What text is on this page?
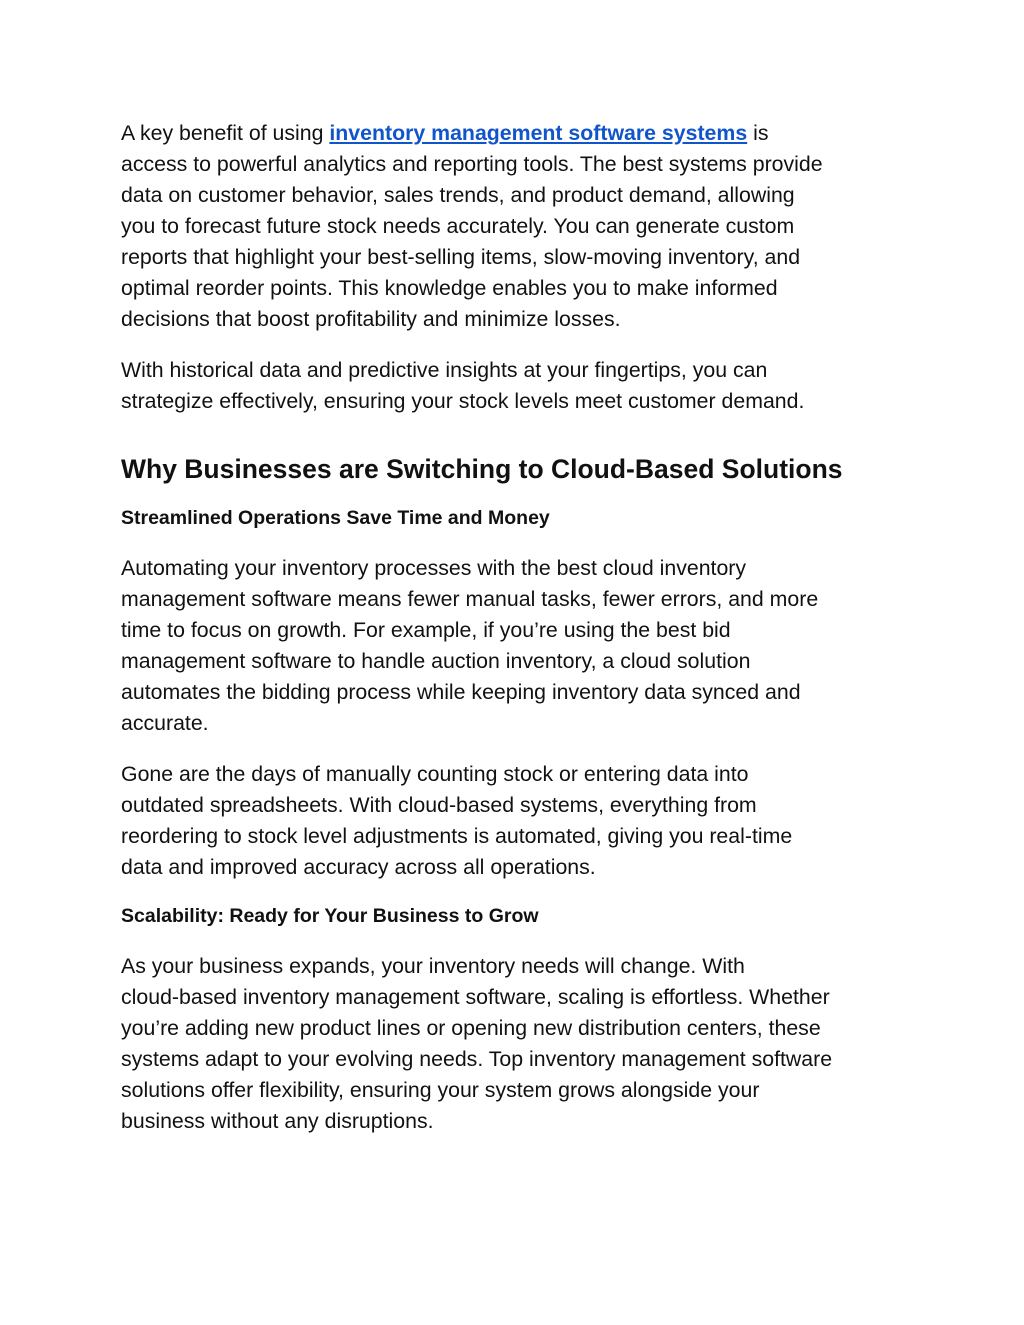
A key benefit of using inventory management software systems is
access to powerful analytics and reporting tools. The best systems provide
data on customer behavior, sales trends, and product demand, allowing
you to forecast future stock needs accurately. You can generate custom
reports that highlight your best-selling items, slow-moving inventory, and
optimal reorder points. This knowledge enables you to make informed
decisions that boost profitability and minimize losses.

With historical data and predictive insights at your fingertips, you can
strategize effectively, ensuring your stock levels meet customer demand.

Why Businesses are Switching to Cloud-Based Solutions
Streamlined Operations Save Time and Money

Automating your inventory processes with the best cloud inventory
management software means fewer manual tasks, fewer errors, and more
time to focus on growth. For example, if you’re using the best bid
management software to handle auction inventory, a cloud solution
automates the bidding process while keeping inventory data synced and
accurate.

Gone are the days of manually counting stock or entering data into
outdated spreadsheets. With cloud-based systems, everything from
reordering to stock level adjustments is automated, giving you real-time
data and improved accuracy across all operations.

Scalability: Ready for Your Business to Grow

As your business expands, your inventory needs will change. With
cloud-based inventory management software, scaling is effortless. Whether
you’re adding new product lines or opening new distribution centers, these
systems adapt to your evolving needs. Top inventory management software
solutions offer flexibility, ensuring your system grows alongside your
business without any disruptions.
